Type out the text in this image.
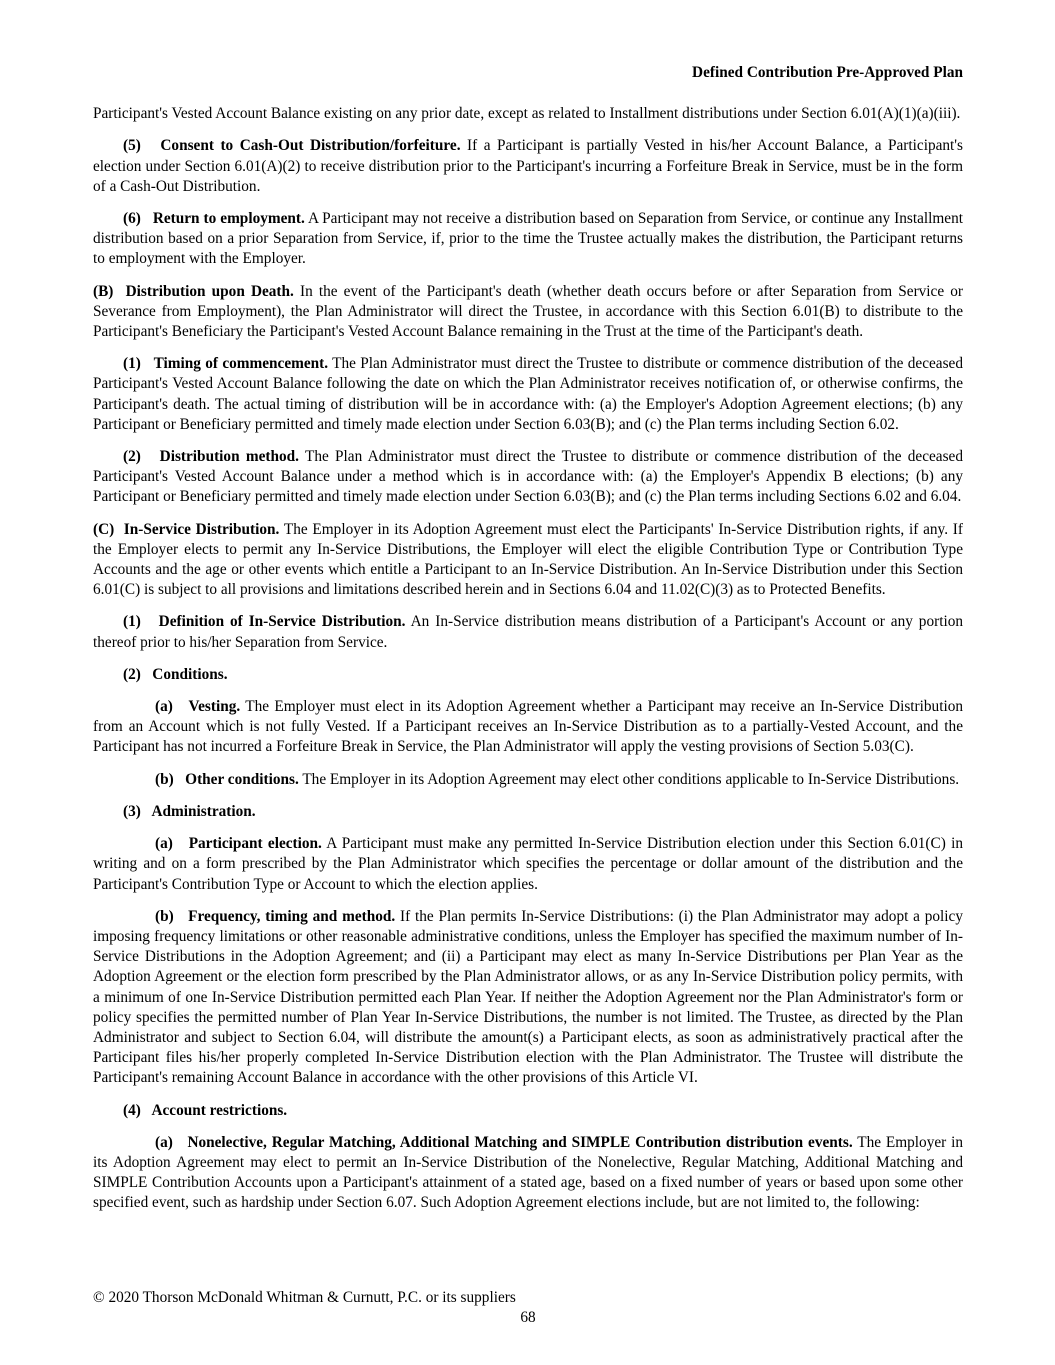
Defined Contribution Pre-Approved Plan

Participant's Vested Account Balance existing on any prior date, except as related to Installment distributions under Section 6.01(A)(1)(a)(iii).

(5)   Consent to Cash-Out Distribution/forfeiture. If a Participant is partially Vested in his/her Account Balance, a Participant's election under Section 6.01(A)(2) to receive distribution prior to the Participant's incurring a Forfeiture Break in Service, must be in the form of a Cash-Out Distribution.

(6)   Return to employment. A Participant may not receive a distribution based on Separation from Service, or continue any Installment distribution based on a prior Separation from Service, if, prior to the time the Trustee actually makes the distribution, the Participant returns to employment with the Employer.

(B)  Distribution upon Death. In the event of the Participant's death (whether death occurs before or after Separation from Service or Severance from Employment), the Plan Administrator will direct the Trustee, in accordance with this Section 6.01(B) to distribute to the Participant's Beneficiary the Participant's Vested Account Balance remaining in the Trust at the time of the Participant's death.

(1)   Timing of commencement. The Plan Administrator must direct the Trustee to distribute or commence distribution of the deceased Participant's Vested Account Balance following the date on which the Plan Administrator receives notification of, or otherwise confirms, the Participant's death. The actual timing of distribution will be in accordance with: (a) the Employer's Adoption Agreement elections; (b) any Participant or Beneficiary permitted and timely made election under Section 6.03(B); and (c) the Plan terms including Section 6.02.

(2)   Distribution method. The Plan Administrator must direct the Trustee to distribute or commence distribution of the deceased Participant's Vested Account Balance under a method which is in accordance with: (a) the Employer's Appendix B elections; (b) any Participant or Beneficiary permitted and timely made election under Section 6.03(B); and (c) the Plan terms including Sections 6.02 and 6.04.

(C)  In-Service Distribution. The Employer in its Adoption Agreement must elect the Participants' In-Service Distribution rights, if any. If the Employer elects to permit any In-Service Distributions, the Employer will elect the eligible Contribution Type or Contribution Type Accounts and the age or other events which entitle a Participant to an In-Service Distribution. An In-Service Distribution under this Section 6.01(C) is subject to all provisions and limitations described herein and in Sections 6.04 and 11.02(C)(3) as to Protected Benefits.

(1)   Definition of In-Service Distribution. An In-Service distribution means distribution of a Participant's Account or any portion thereof prior to his/her Separation from Service.

(2)   Conditions.

(a)   Vesting. The Employer must elect in its Adoption Agreement whether a Participant may receive an In-Service Distribution from an Account which is not fully Vested. If a Participant receives an In-Service Distribution as to a partially-Vested Account, and the Participant has not incurred a Forfeiture Break in Service, the Plan Administrator will apply the vesting provisions of Section 5.03(C).

(b)   Other conditions. The Employer in its Adoption Agreement may elect other conditions applicable to In-Service Distributions.

(3)   Administration.

(a)   Participant election. A Participant must make any permitted In-Service Distribution election under this Section 6.01(C) in writing and on a form prescribed by the Plan Administrator which specifies the percentage or dollar amount of the distribution and the Participant's Contribution Type or Account to which the election applies.

(b)   Frequency, timing and method. If the Plan permits In-Service Distributions: (i) the Plan Administrator may adopt a policy imposing frequency limitations or other reasonable administrative conditions, unless the Employer has specified the maximum number of In-Service Distributions in the Adoption Agreement; and (ii) a Participant may elect as many In-Service Distributions per Plan Year as the Adoption Agreement or the election form prescribed by the Plan Administrator allows, or as any In-Service Distribution policy permits, with a minimum of one In-Service Distribution permitted each Plan Year. If neither the Adoption Agreement nor the Plan Administrator's form or policy specifies the permitted number of Plan Year In-Service Distributions, the number is not limited. The Trustee, as directed by the Plan Administrator and subject to Section 6.04, will distribute the amount(s) a Participant elects, as soon as administratively practical after the Participant files his/her properly completed In-Service Distribution election with the Plan Administrator. The Trustee will distribute the Participant's remaining Account Balance in accordance with the other provisions of this Article VI.

(4)   Account restrictions.

(a)   Nonelective, Regular Matching, Additional Matching and SIMPLE Contribution distribution events. The Employer in its Adoption Agreement may elect to permit an In-Service Distribution of the Nonelective, Regular Matching, Additional Matching and SIMPLE Contribution Accounts upon a Participant's attainment of a stated age, based on a fixed number of years or based upon some other specified event, such as hardship under Section 6.07. Such Adoption Agreement elections include, but are not limited to, the following:

© 2020 Thorson McDonald Whitman & Curnutt, P.C. or its suppliers
68
